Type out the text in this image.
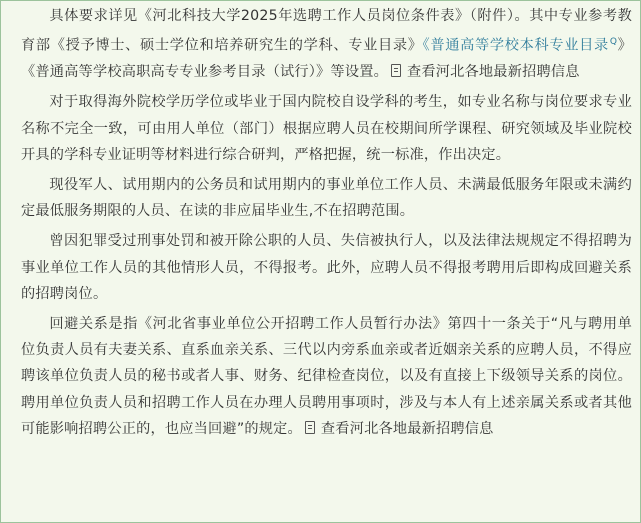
具体要求详见《河北科技大学2025年选聘工作人员岗位条件表》（附件）。其中专业参考教育部《授予博士、硕士学位和培养研究生的学科、专业目录》《普通高等学校本科专业目录$^Q$》《普通高等学校高职高专专业参考目录（试行）》等设置。 查看河北各地最新招聘信息

对于取得海外院校学历学位或毕业于国内院校自设学科的考生，如专业名称与岗位要求专业名称不完全一致，可由用人单位（部门）根据应聘人员在校期间所学课程、研究领域及毕业院校开具的学科专业证明等材料进行综合研判，严格把握，统一标准，作出决定。

现役军人、试用期内的公务员和试用期内的事业单位工作人员、未满最低服务年限或未满约定最低服务期限的人员、在读的非应届毕业生,不在招聘范围。

曾因犯罪受过刑事处罚和被开除公职的人员、失信被执行人，以及法律法规规定不得招聘为事业单位工作人员的其他情形人员，不得报考。此外，应聘人员不得报考聘用后即构成回避关系的招聘岗位。

回避关系是指《河北省事业单位公开招聘工作人员暂行办法》第四十一条关于“凡与聘用单位负责人员有夫妻关系、直系血亲关系、三代以内旁系血亲或者近姻亲关系的应聘人员，不得应聘该单位负责人员的秘书或者人事、财务、纪律检查岗位，以及有直接上下级领导关系的岗位。聘用单位负责人员和招聘工作人员在办理人员聘用事项时，涉及与本人有上述亲属关系或者其他可能影响招聘公正的，也应当回避”的规定。 查看河北各地最新招聘信息
